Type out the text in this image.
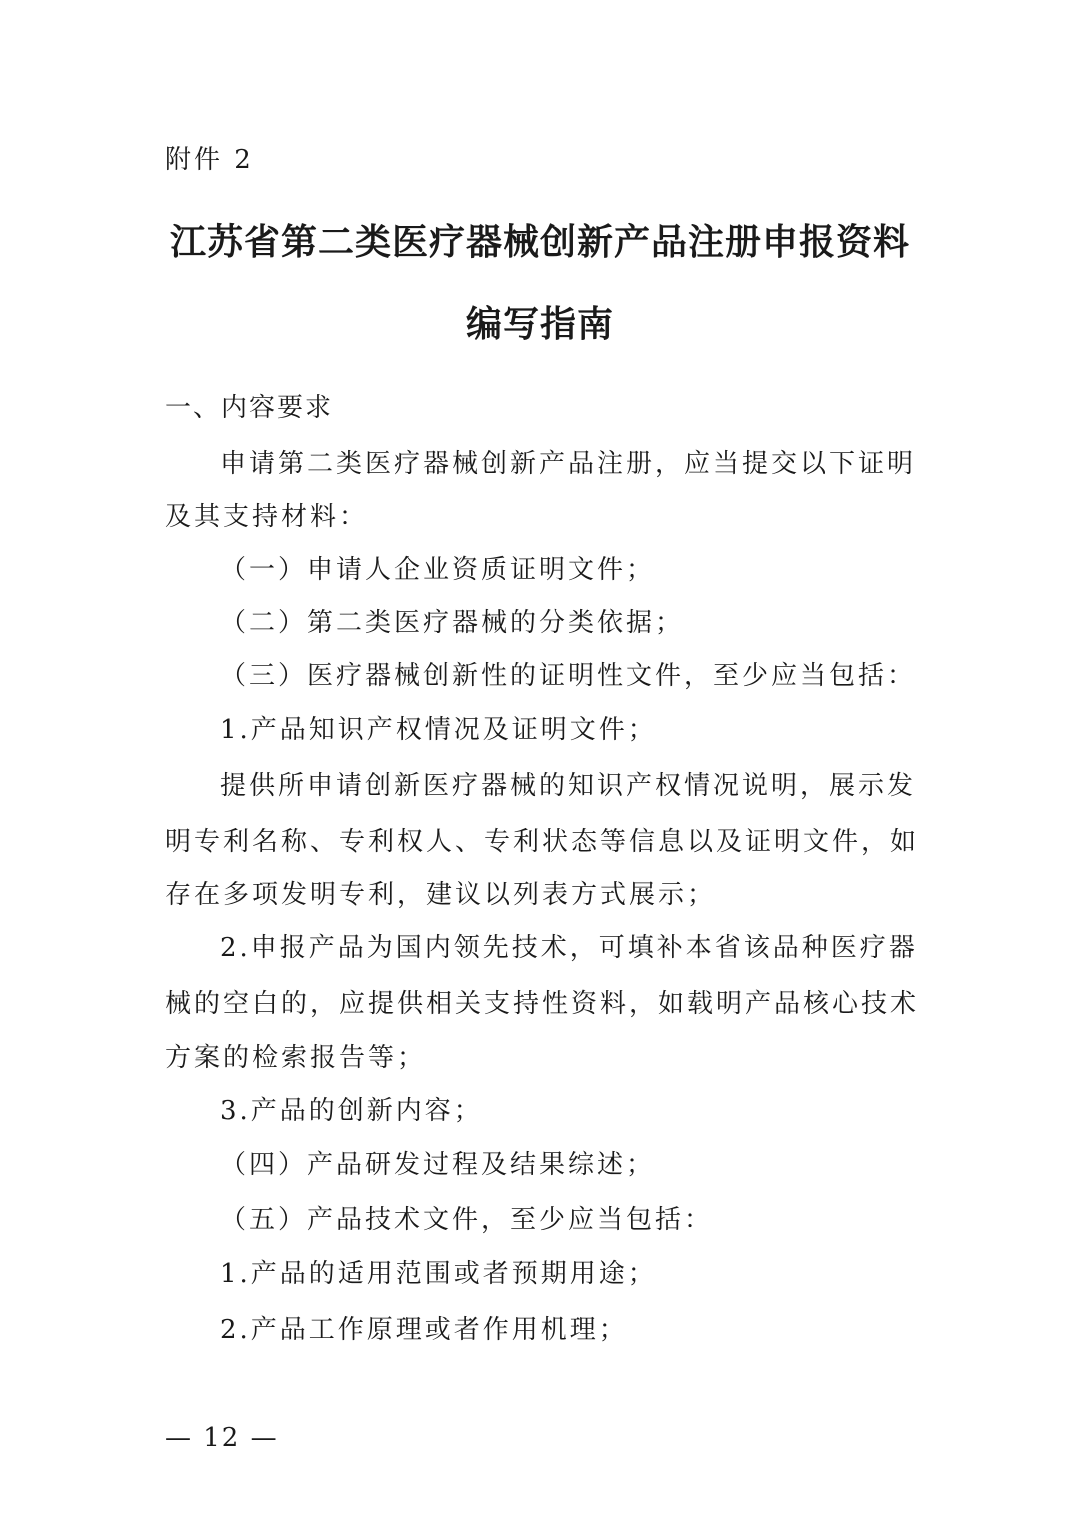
附件 2
江苏省第二类医疗器械创新产品注册申报资料
编写指南
一、内容要求
申请第二类医疗器械创新产品注册，应当提交以下证明
及其支持材料：
（一）申请人企业资质证明文件；
（二）第二类医疗器械的分类依据；
（三）医疗器械创新性的证明性文件，至少应当包括：
1.产品知识产权情况及证明文件；
提供所申请创新医疗器械的知识产权情况说明，展示发
明专利名称、专利权人、专利状态等信息以及证明文件，如
存在多项发明专利，建议以列表方式展示；
2.申报产品为国内领先技术，可填补本省该品种医疗器
械的空白的，应提供相关支持性资料，如载明产品核心技术
方案的检索报告等；
3.产品的创新内容；
（四）产品研发过程及结果综述；
（五）产品技术文件，至少应当包括：
1.产品的适用范围或者预期用途；
2.产品工作原理或者作用机理；
— 12 —
